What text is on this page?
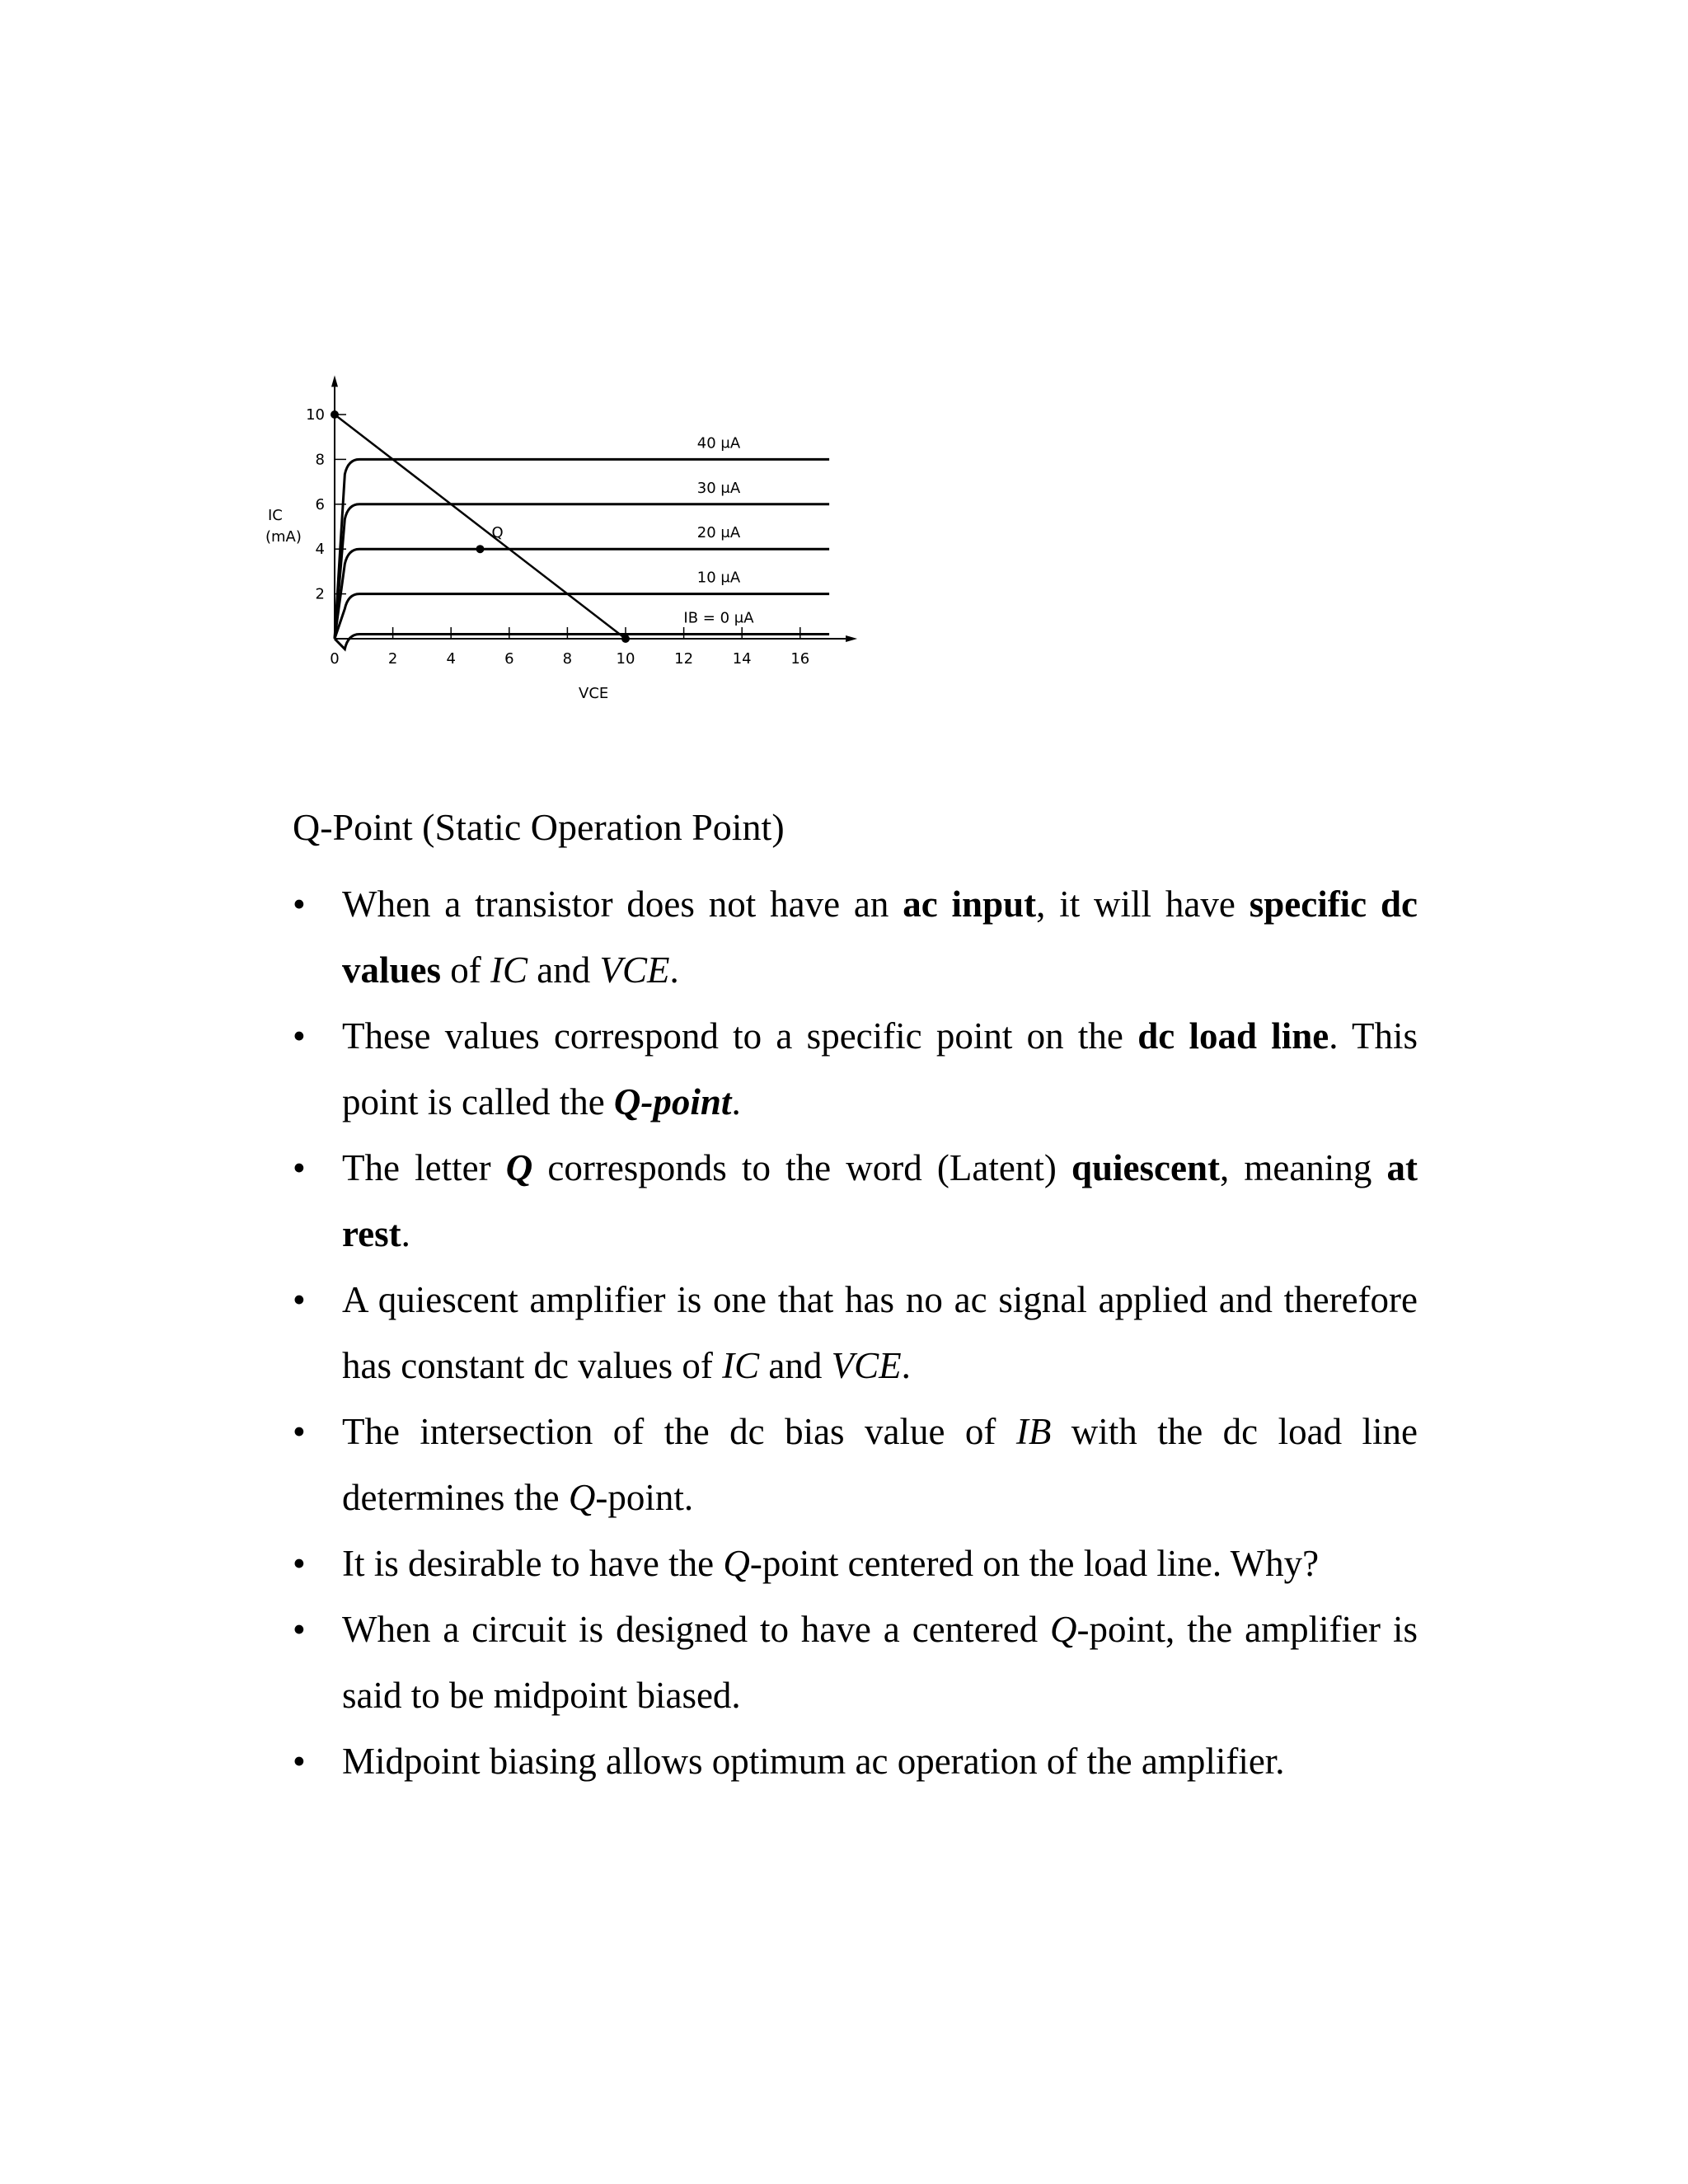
0	2	4	6	8	10	12	14	16
2
4
6
8
10
40 μA
30 μA
20 μA
10 μA
IB = 0 μA
Q
VCE
IC
(mA)
Q-Point (Static Operation Point)
• When a transistor does not have an ac input, it will have specific dc values of IC and VCE.
• These values correspond to a specific point on the dc load line. This point is called the Q-point.
• The letter Q corresponds to the word (Latent) quiescent, meaning at rest.
• A quiescent amplifier is one that has no ac signal applied and therefore has constant dc values of IC and VCE.
• The intersection of the dc bias value of IB with the dc load line determines the Q-point.
• It is desirable to have the Q-point centered on the load line. Why?
• When a circuit is designed to have a centered Q-point, the amplifier is said to be midpoint biased.
• Midpoint biasing allows optimum ac operation of the amplifier.
